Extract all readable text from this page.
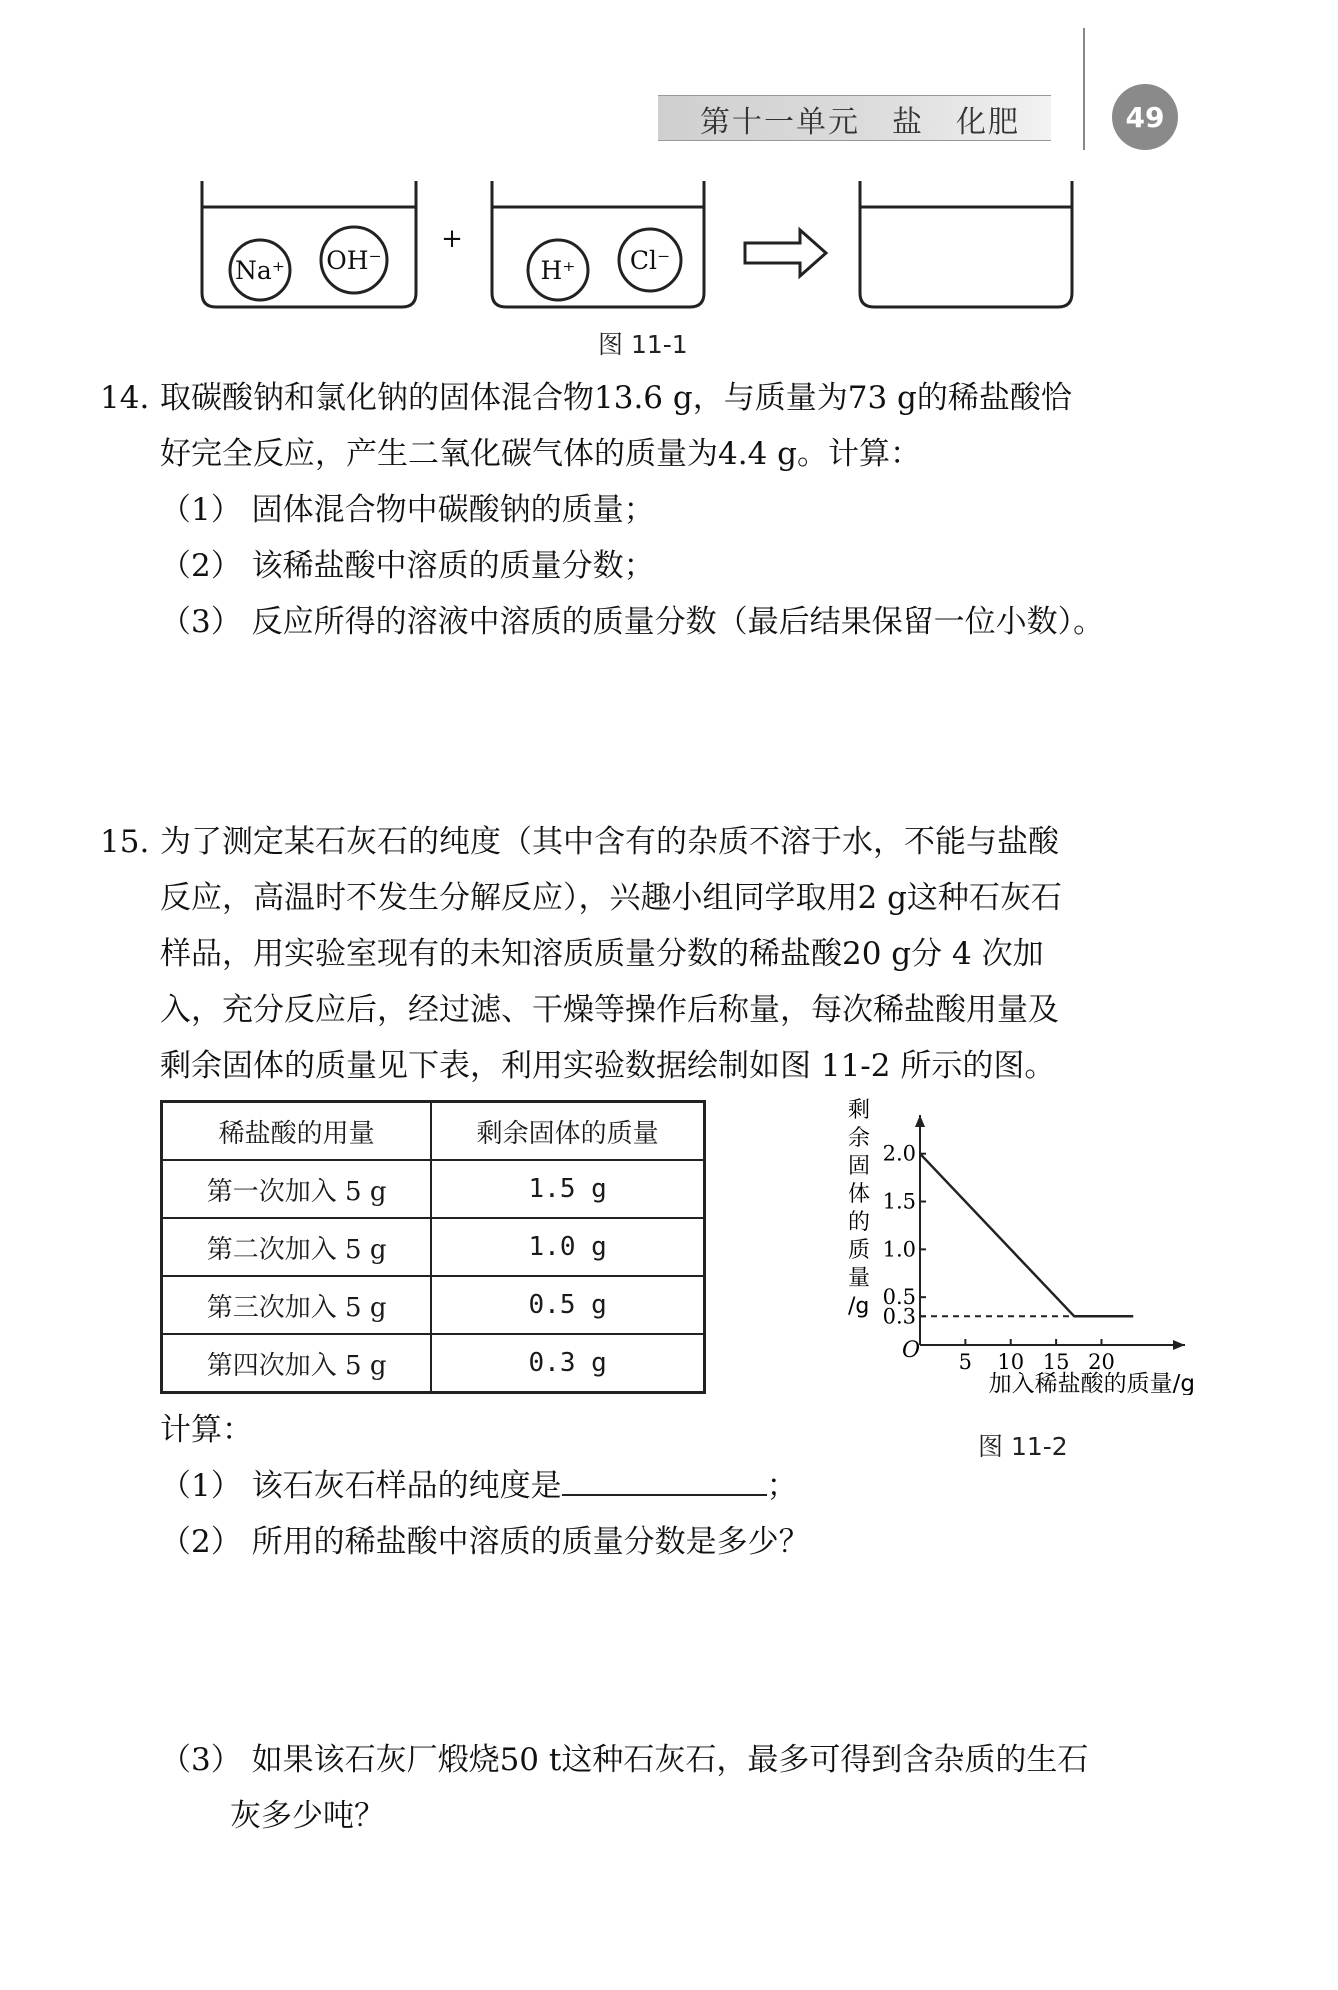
第十一单元　盐　化肥	49
Na⁺ OH⁻	H⁺ Cl⁻
+
图 11-1
14. 取碳酸钠和氯化钠的固体混合物13.6 g，与质量为73 g的稀盐酸恰
好完全反应，产生二氧化碳气体的质量为4.4 g。计算：
（1） 固体混合物中碳酸钠的质量；
（2） 该稀盐酸中溶质的质量分数；
（3） 反应所得的溶液中溶质的质量分数（最后结果保留一位小数）。
15. 为了测定某石灰石的纯度（其中含有的杂质不溶于水，不能与盐酸
反应，高温时不发生分解反应），兴趣小组同学取用2 g这种石灰石
样品，用实验室现有的未知溶质质量分数的稀盐酸20 g分 4 次加
入，充分反应后，经过滤、干燥等操作后称量，每次稀盐酸用量及
剩余固体的质量见下表，利用实验数据绘制如图 11-2 所示的图。
稀盐酸的用量	剩余固体的质量
第一次加入 5 g	1.5 g
第二次加入 5 g	1.0 g
第三次加入 5 g	0.5 g
第四次加入 5 g	0.3 g	O 5 10 15 20
0.3
0.5
1.0
1.5
2.0
剩
余
固
体
的
质
量
/g
加入稀盐酸的质量/g
图 11-2
计算：
（1） 该石灰石样品的纯度是	；
（2） 所用的稀盐酸中溶质的质量分数是多少？
（3） 如果该石灰厂煅烧50 t这种石灰石，最多可得到含杂质的生石
灰多少吨？
